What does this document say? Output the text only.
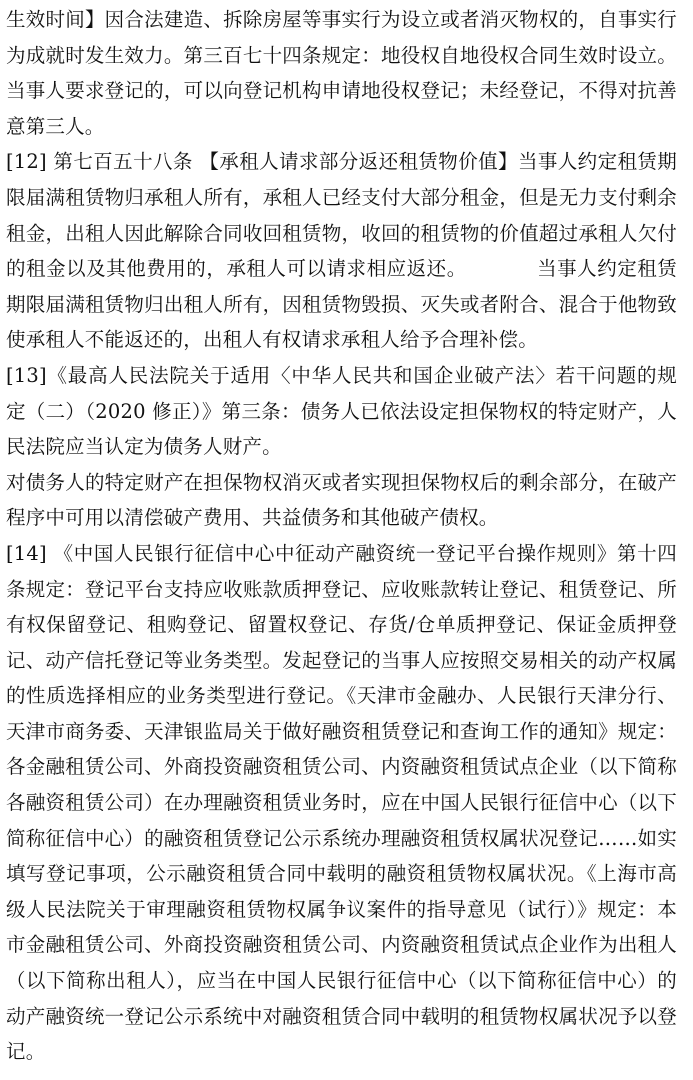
生效时间】因合法建造、拆除房屋等事实行为设立或者消灭物权的，自事实行为成就时发生效力。第三百七十四条规定：地役权自地役权合同生效时设立。当事人要求登记的，可以向登记机构申请地役权登记；未经登记，不得对抗善意第三人。

[12] 第七百五十八条 【承租人请求部分返还租赁物价值】当事人约定租赁期限届满租赁物归承租人所有，承租人已经支付大部分租金，但是无力支付剩余租金，出租人因此解除合同收回租赁物，收回的租赁物的价值超过承租人欠付的租金以及其他费用的，承租人可以请求相应返还。　　　　当事人约定租赁期限届满租赁物归出租人所有，因租赁物毁损、灭失或者附合、混合于他物致使承租人不能返还的，出租人有权请求承租人给予合理补偿。

[13]《最高人民法院关于适用〈中华人民共和国企业破产法〉若干问题的规定（二）（2020 修正）》第三条：债务人已依法设定担保物权的特定财产，人民法院应当认定为债务人财产。

对债务人的特定财产在担保物权消灭或者实现担保物权后的剩余部分，在破产程序中可用以清偿破产费用、共益债务和其他破产债权。

[14] 《中国人民银行征信中心中征动产融资统一登记平台操作规则》第十四条规定：登记平台支持应收账款质押登记、应收账款转让登记、租赁登记、所有权保留登记、租购登记、留置权登记、存货/仓单质押登记、保证金质押登记、动产信托登记等业务类型。发起登记的当事人应按照交易相关的动产权属的性质选择相应的业务类型进行登记。《天津市金融办、人民银行天津分行、天津市商务委、天津银监局关于做好融资租赁登记和查询工作的通知》规定：各金融租赁公司、外商投资融资租赁公司、内资融资租赁试点企业（以下简称各融资租赁公司）在办理融资租赁业务时，应在中国人民银行征信中心（以下简称征信中心）的融资租赁登记公示系统办理融资租赁权属状况登记……如实填写登记事项，公示融资租赁合同中载明的融资租赁物权属状况。《上海市高级人民法院关于审理融资租赁物权属争议案件的指导意见（试行）》规定：本市金融租赁公司、外商投资融资租赁公司、内资融资租赁试点企业作为出租人（以下简称出租人），应当在中国人民银行征信中心（以下简称征信中心）的动产融资统一登记公示系统中对融资租赁合同中载明的租赁物权属状况予以登记。
